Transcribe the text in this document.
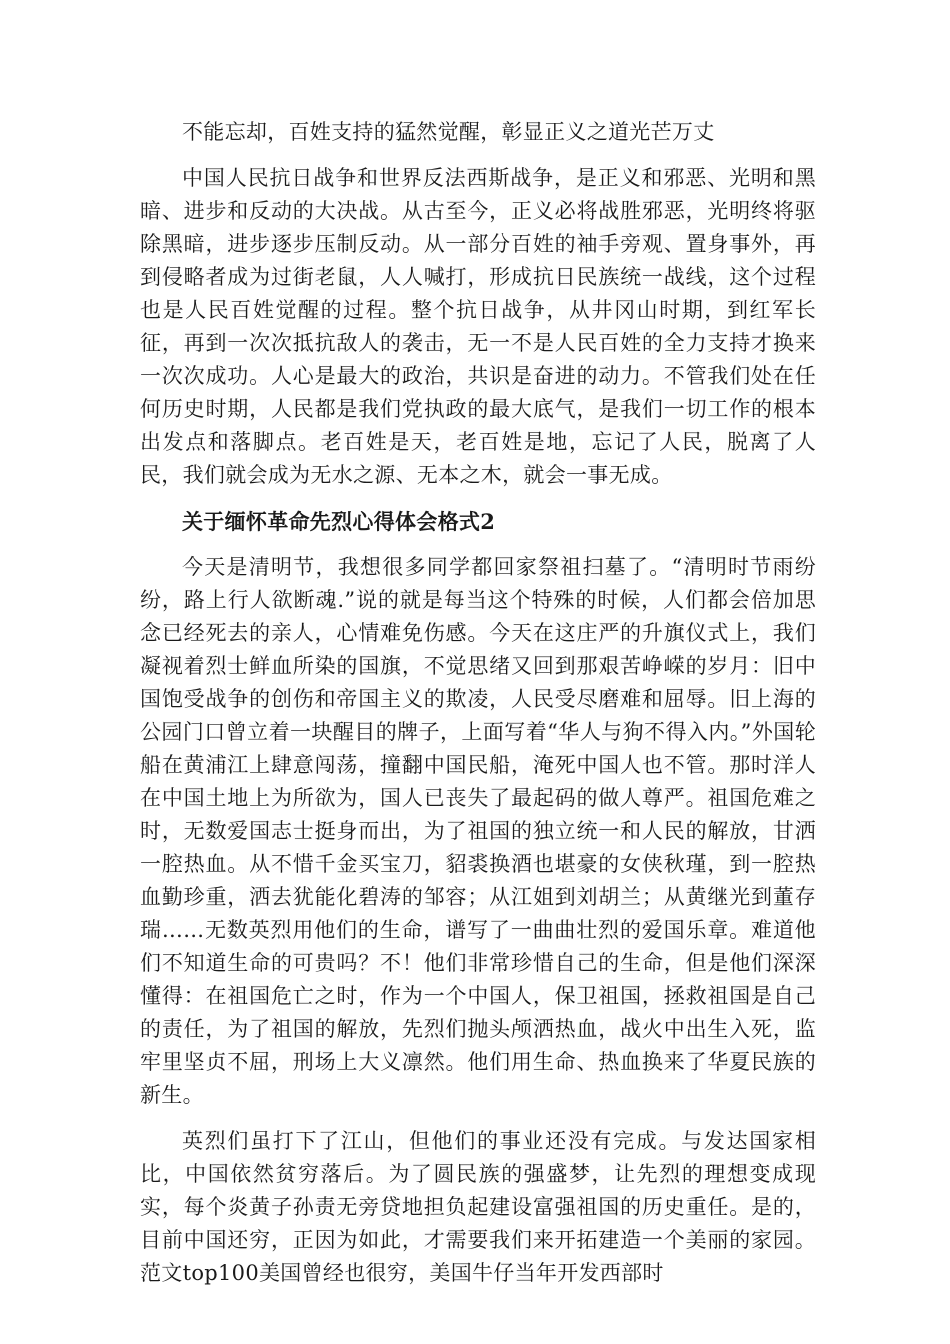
不能忘却，百姓支持的猛然觉醒，彰显正义之道光芒万丈

中国人民抗日战争和世界反法西斯战争，是正义和邪恶、光明和黑暗、进步和反动的大决战。从古至今，正义必将战胜邪恶，光明终将驱除黑暗，进步逐步压制反动。从一部分百姓的袖手旁观、置身事外，再到侵略者成为过街老鼠，人人喊打，形成抗日民族统一战线，这个过程也是人民百姓觉醒的过程。整个抗日战争，从井冈山时期，到红军长征，再到一次次抵抗敌人的袭击，无一不是人民百姓的全力支持才换来一次次成功。人心是最大的政治，共识是奋进的动力。不管我们处在任何历史时期，人民都是我们党执政的最大底气，是我们一切工作的根本出发点和落脚点。老百姓是天，老百姓是地，忘记了人民，脱离了人民，我们就会成为无水之源、无本之木，就会一事无成。

关于缅怀革命先烈心得体会格式2

今天是清明节，我想很多同学都回家祭祖扫墓了。“清明时节雨纷纷，路上行人欲断魂.”说的就是每当这个特殊的时候，人们都会倍加思念已经死去的亲人，心情难免伤感。今天在这庄严的升旗仪式上，我们凝视着烈士鲜血所染的国旗，不觉思绪又回到那艰苦峥嵘的岁月：旧中国饱受战争的创伤和帝国主义的欺凌，人民受尽磨难和屈辱。旧上海的公园门口曾立着一块醒目的牌子，上面写着“华人与狗不得入内。”外国轮船在黄浦江上肆意闯荡，撞翻中国民船，淹死中国人也不管。那时洋人在中国土地上为所欲为，国人已丧失了最起码的做人尊严。祖国危难之时，无数爱国志士挺身而出，为了祖国的独立统一和人民的解放，甘洒一腔热血。从不惜千金买宝刀，貂裘换酒也堪豪的女侠秋瑾，到一腔热血勤珍重，洒去犹能化碧涛的邹容；从江姐到刘胡兰；从黄继光到董存瑞……无数英烈用他们的生命，谱写了一曲曲壮烈的爱国乐章。难道他们不知道生命的可贵吗？不！他们非常珍惜自己的生命，但是他们深深懂得：在祖国危亡之时，作为一个中国人，保卫祖国，拯救祖国是自己的责任，为了祖国的解放，先烈们抛头颅洒热血，战火中出生入死，监牢里坚贞不屈，刑场上大义凛然。他们用生命、热血换来了华夏民族的新生。

英烈们虽打下了江山，但他们的事业还没有完成。与发达国家相比，中国依然贫穷落后。为了圆民族的强盛梦，让先烈的理想变成现实，每个炎黄子孙责无旁贷地担负起建设富强祖国的历史重任。是的，目前中国还穷，正因为如此，才需要我们来开拓建造一个美丽的家园。范文top100美国曾经也很穷，美国牛仔当年开发西部时
